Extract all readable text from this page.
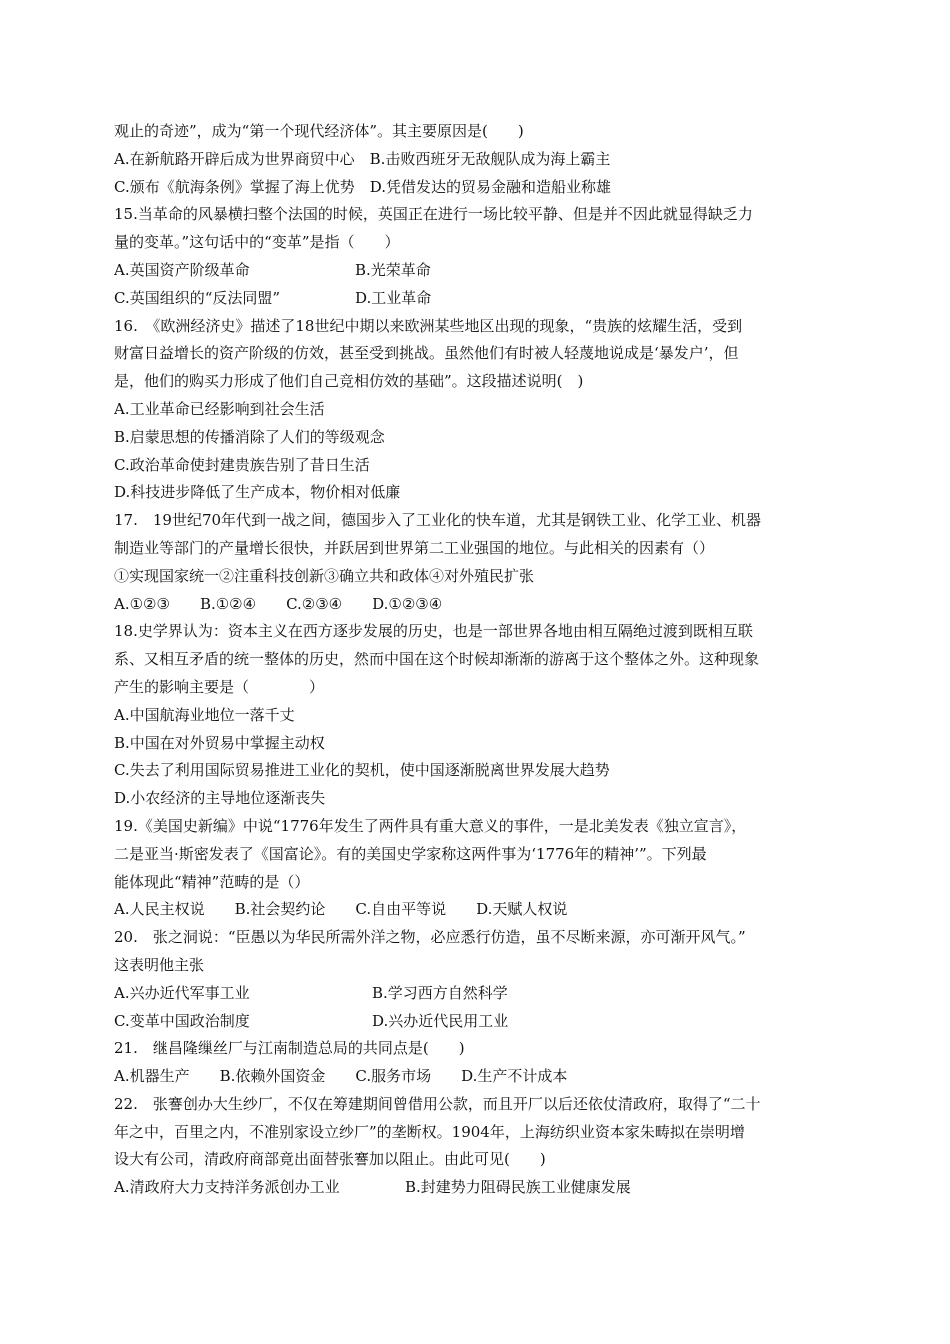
观止的奇迹”，成为“第一个现代经济体”。其主要原因是(　　)
A.在新航路开辟后成为世界商贸中心　B.击败西班牙无敌舰队成为海上霸主
C.颁布《航海条例》掌握了海上优势　D.凭借发达的贸易金融和造船业称雄
15.当革命的风暴横扫整个法国的时候，英国正在进行一场比较平静、但是并不因此就显得缺乏力
量的变革。”这句话中的“变革”是指（　　）
A.英国资产阶级革命	B.光荣革命
C.英国组织的“反法同盟”	D.工业革命
16.　《欧洲经济史》描述了18世纪中期以来欧洲某些地区出现的现象，“贵族的炫耀生活，受到
财富日益增长的资产阶级的仿效，甚至受到挑战。虽然他们有时被人轻蔑地说成是‘暴发户’，但
是，他们的购买力形成了他们自己竞相仿效的基础”。这段描述说明(　)
A.工业革命已经影响到社会生活
B.启蒙思想的传播消除了人们的等级观念
C.政治革命使封建贵族告别了昔日生活
D.科技进步降低了生产成本，物价相对低廉
17.　19世纪70年代到一战之间，德国步入了工业化的快车道，尤其是钢铁工业、化学工业、机器
制造业等部门的产量增长很快，并跃居到世界第二工业强国的地位。与此相关的因素有（）
①实现国家统一②注重科技创新③确立共和政体④对外殖民扩张
A.①②③　　B.①②④　　C.②③④　　D.①②③④
18.史学界认为：资本主义在西方逐步发展的历史，也是一部世界各地由相互隔绝过渡到既相互联
系、又相互矛盾的统一整体的历史，然而中国在这个时候却渐渐的游离于这个整体之外。这种现象
产生的影响主要是（　　　　）
A.中国航海业地位一落千丈
B.中国在对外贸易中掌握主动权
C.失去了利用国际贸易推进工业化的契机，使中国逐渐脱离世界发展大趋势
D.小农经济的主导地位逐渐丧失
19.《美国史新编》中说“1776年发生了两件具有重大意义的事件，一是北美发表《独立宣言》，
二是亚当·斯密发表了《国富论》。有的美国史学家称这两件事为‘1776年的精神’”。下列最
能体现此“精神”范畴的是（）
A.人民主权说　　B.社会契约论　　C.自由平等说　　D.天赋人权说
20.　张之洞说：“臣愚以为华民所需外洋之物，必应悉行仿造，虽不尽断来源，亦可渐开风气。”
这表明他主张
A.兴办近代军事工业	B.学习西方自然科学
C.变革中国政治制度	D.兴办近代民用工业
21.　继昌隆缫丝厂与江南制造总局的共同点是(　　)
A.机器生产　　B.依赖外国资金　　C.服务市场　　D.生产不计成本
22.　张謇创办大生纱厂，不仅在筹建期间曾借用公款，而且开厂以后还依仗清政府，取得了“二十
年之中，百里之内，不准别家设立纱厂”的垄断权。1904年，上海纺织业资本家朱畴拟在崇明增
设大有公司，清政府商部竟出面替张謇加以阻止。由此可见(　　)
A.清政府大力支持洋务派创办工业	B.封建势力阻碍民族工业健康发展
